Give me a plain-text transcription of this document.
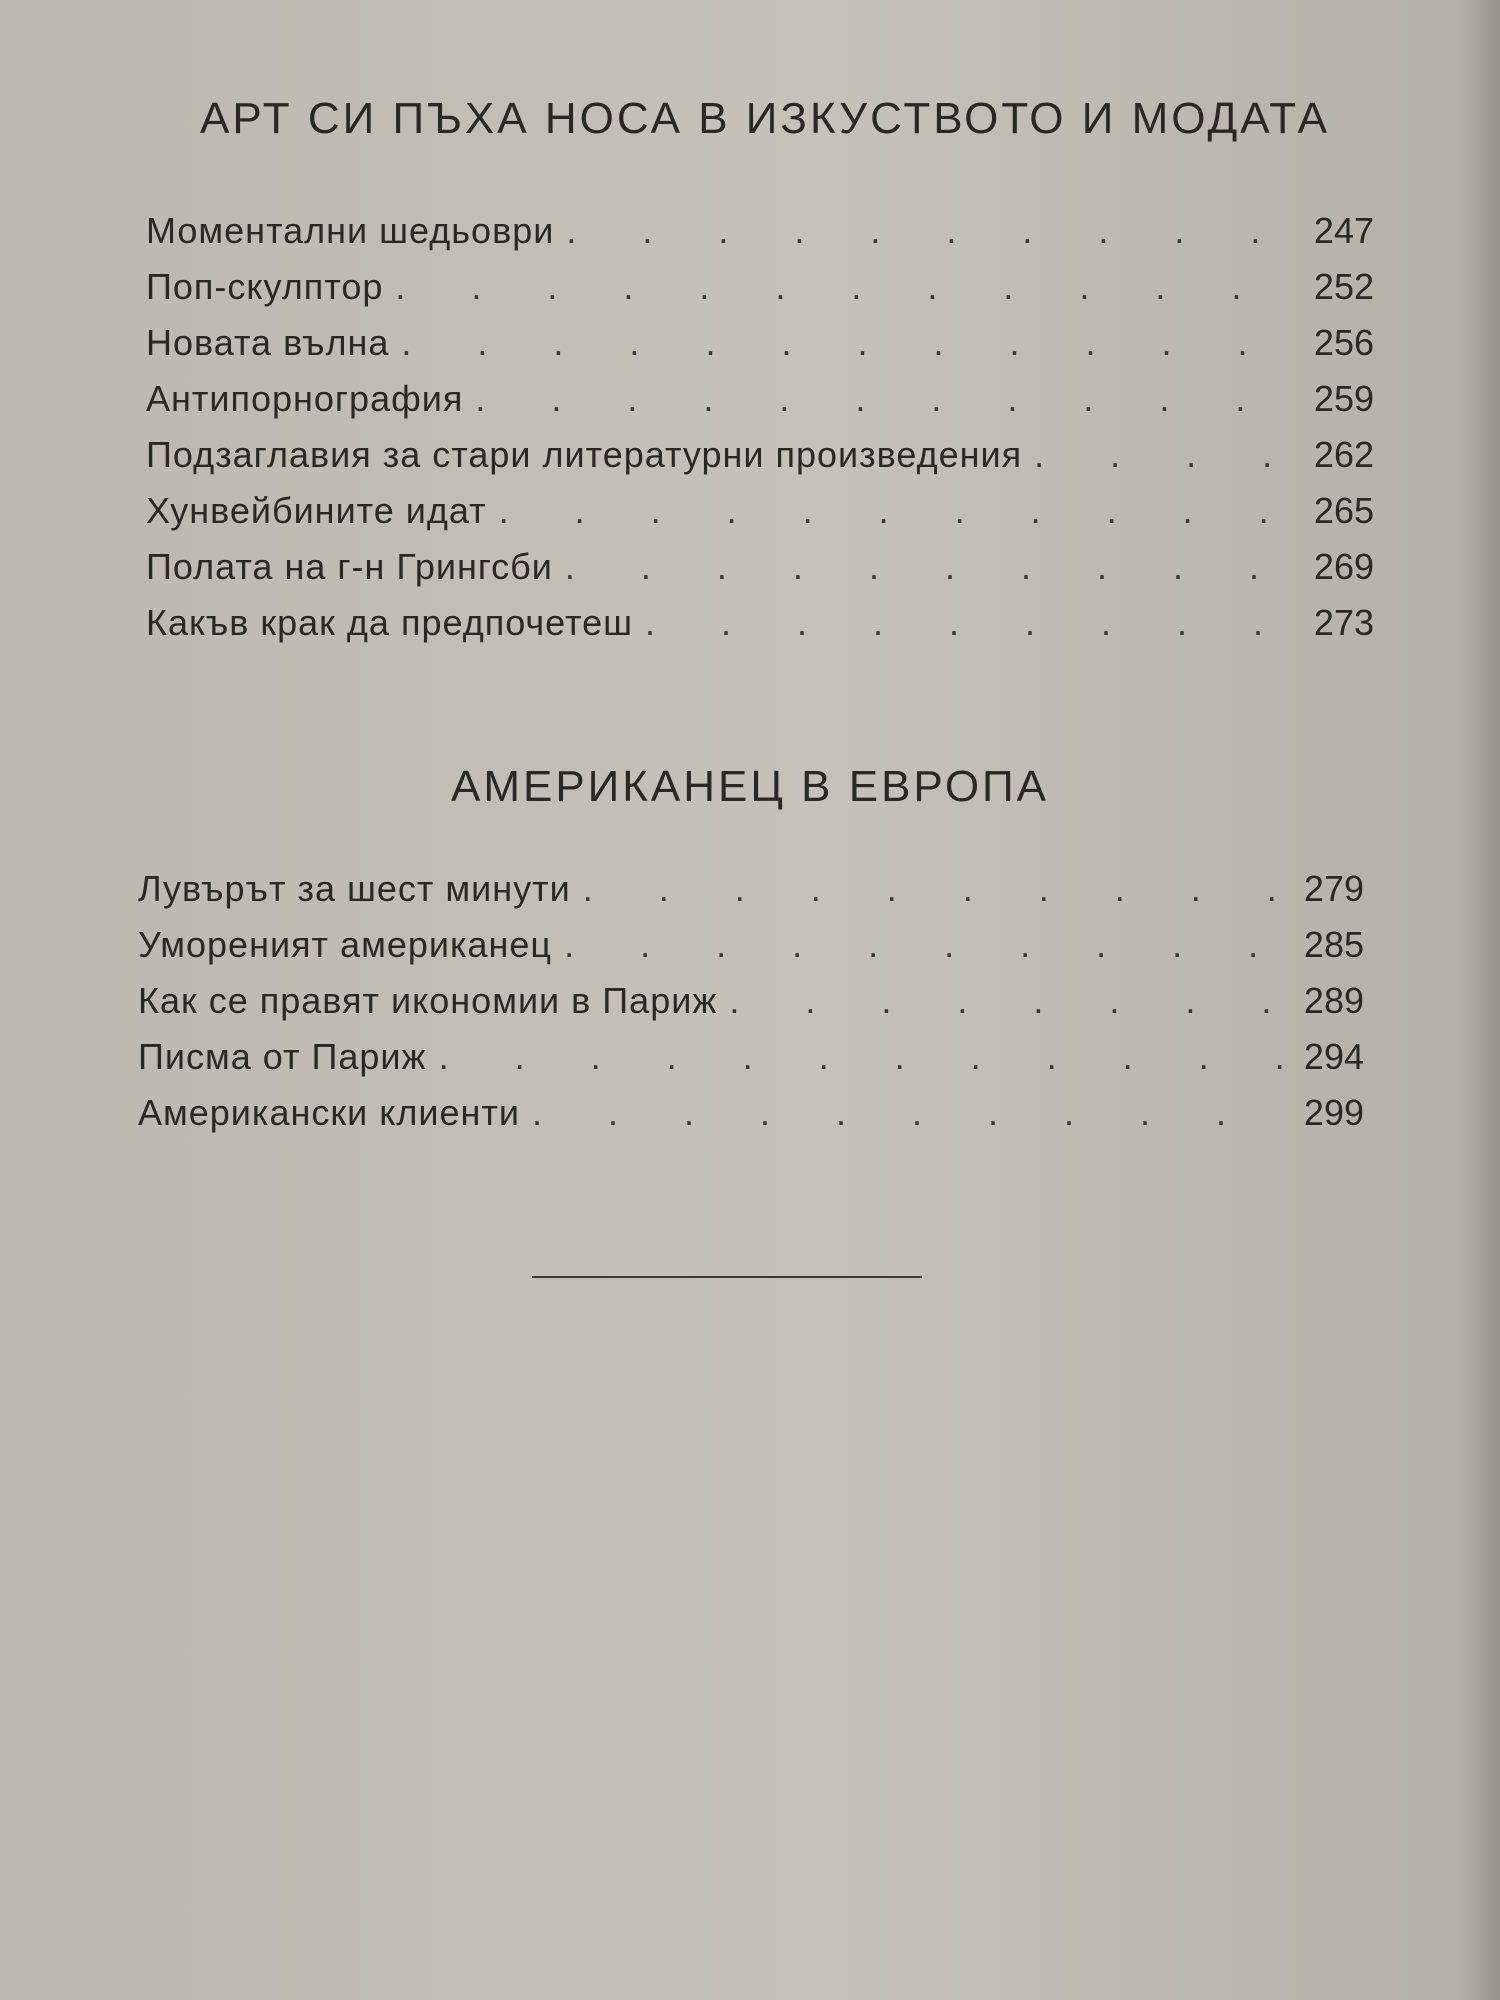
АРТ СИ ПЪХА НОСА В ИЗКУСТВОТО И МОДАТА
Моментални шедьоври . . .	247
Поп-скулптор . . .	252
Новата вълна . . .	256
Антипорнография . . .	259
Подзаглавия за стари литературни произведения . . .	262
Хунвейбините идат . . .	265
Полата на г-н Грингсби . . .	269
Какъв крак да предпочетеш . . .	273
АМЕРИКАНЕЦ В ЕВРОПА
Лувърът за шест минути . . .	279
Умореният американец . . .	285
Как се правят икономии в Париж . . .	289
Писма от Париж . . .	294
Американски клиенти . . .	299
